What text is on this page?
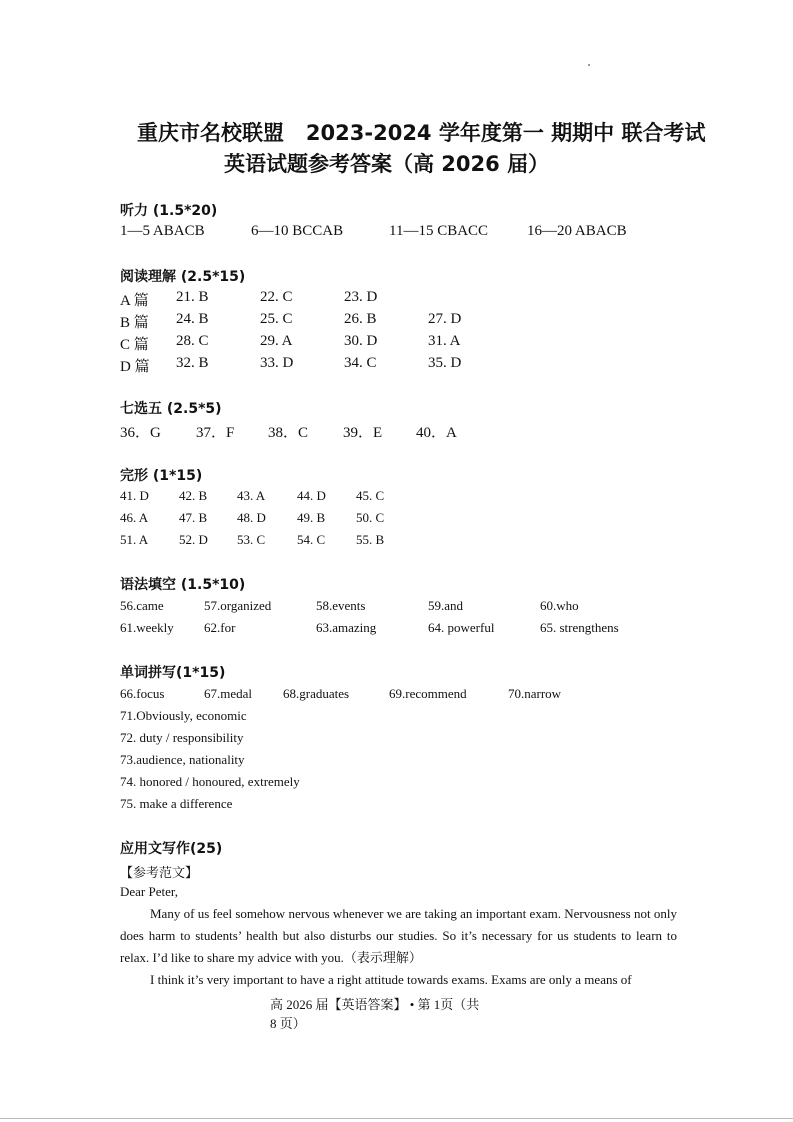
重庆市名校联盟   2023-2024 学年度第一 期期中 联合考试
英语试题参考答案（高 2026 届）
听力 (1.5*20)
1—5 ABACB	6—10 BCCAB	11—15 CBACC	16—20 ABACB
阅读理解 (2.5*15)
A 篇 21. B	22. C	23. D
B 篇 24. B	25. C	26. B	27. D
C 篇 28. C	29. A	30. D	31. A
D 篇 32. B	33. D	34. C	35. D
七选五 (2.5*5)
36．G 37．F 38．C 39．E 40．A
完形 (1*15)
41. D 42. B 43. A 44. D 45. C
46. A 47. B 48. D 49. B 50. C
51. A 52. D 53. C 54. C 55. B
语法填空 (1.5*10)
56.came	57.organized	58.events	59.and	60.who
61.weekly 62.for	63.amazing	64. powerful	65. strengthens
单词拼写(1*15)
66.focus	67.medal 68.graduates	69.recommend	70.narrow
71.Obviously, economic
72. duty / responsibility
73.audience, nationality
74. honored / honoured, extremely
75. make a difference
应用文写作(25)
【参考范文】
Dear Peter,
Many of us feel somehow nervous whenever we are taking an important exam. Nervousness not only does harm to students’ health but also disturbs our studies. So it’s necessary for us students to learn to relax. I’d like to share my advice with you.（表示理解）
I think it’s very important to have a right attitude towards exams. Exams are only a means of
高 2026 届【英语答案】 • 第 1页（共
8 页）
